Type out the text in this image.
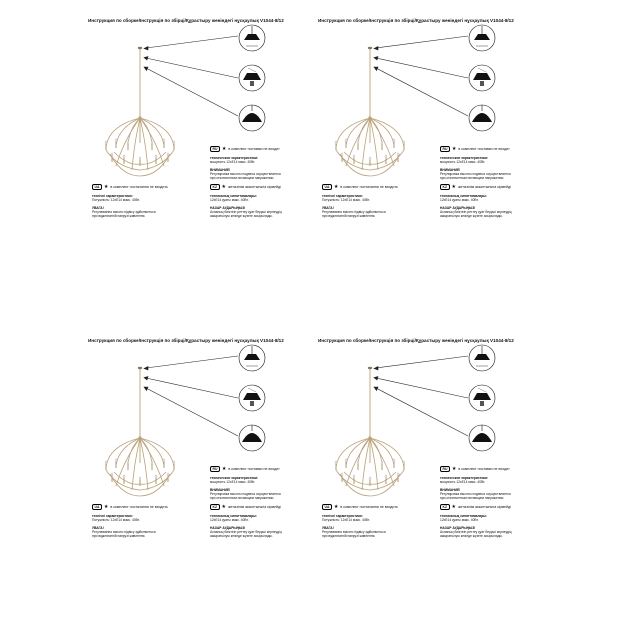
Инструкция по сборке/Інструкція по збірці/Құрастыру женіндегі нұсқаулық V1044-8/12
RU ★ в комплект поставки не входит
технические характеристики:
мощность 12хЕ14 макс. 40Вт.
ВНИМАНИЕ!
Регулировка высоты подвеса осуществляется
при отключенном питающем напряжении.
UA ★ в комплект постачання не входить
технічні характеристики:
Потужність: 12хЕ14 макс. 40Вт.
УВАГА!
Регулювання висоти підвісу здійснюється
при відключеній напрузі живлення.
KZ ★ жеткізілім жиынтығына кірмейді
техникалық сипаттамалары:
12хЕ14 қуаты макс. 40Вт.
НАЗАР АУДАРЫҢЫЗ!
Аспаның биіктігін реттеу қуат берушi кернеудің
ажыратылуы кезінде жүзеге асырылады.
Инструкция по сборке/Інструкція по збірці/Құрастыру женіндегі нұсқаулық V1044-8/12
RU ★ в комплект поставки не входит
технические характеристики:
мощность 12хЕ14 макс. 40Вт.
ВНИМАНИЕ!
Регулировка высоты подвеса осуществляется
при отключенном питающем напряжении.
UA ★ в комплект постачання не входить
технічні характеристики:
Потужність: 12хЕ14 макс. 40Вт.
УВАГА!
Регулювання висоти підвісу здійснюється
при відключеній напрузі живлення.
KZ ★ жеткізілім жиынтығына кірмейді
техникалық сипаттамалары:
12хЕ14 қуаты макс. 40Вт.
НАЗАР АУДАРЫҢЫЗ!
Аспаның биіктігін реттеу қуат берушi кернеудің
ажыратылуы кезінде жүзеге асырылады.
Инструкция по сборке/Інструкція по збірці/Құрастыру женіндегі нұсқаулық V1044-8/12
RU ★ в комплект поставки не входит
технические характеристики:
мощность 12хЕ14 макс. 40Вт.
ВНИМАНИЕ!
Регулировка высоты подвеса осуществляется
при отключенном питающем напряжении.
UA ★ в комплект постачання не входить
технічні характеристики:
Потужність: 12хЕ14 макс. 40Вт.
УВАГА!
Регулювання висоти підвісу здійснюється
при відключеній напрузі живлення.
KZ ★ жеткізілім жиынтығына кірмейді
техникалық сипаттамалары:
12хЕ14 қуаты макс. 40Вт.
НАЗАР АУДАРЫҢЫЗ!
Аспаның биіктігін реттеу қуат берушi кернеудің
ажыратылуы кезінде жүзеге асырылады.
Инструкция по сборке/Інструкція по збірці/Құрастыру женіндегі нұсқаулық V1044-8/12
RU ★ в комплект поставки не входит
технические характеристики:
мощность 12хЕ14 макс. 40Вт.
ВНИМАНИЕ!
Регулировка высоты подвеса осуществляется
при отключенном питающем напряжении.
UA ★ в комплект постачання не входить
технічні характеристики:
Потужність: 12хЕ14 макс. 40Вт.
УВАГА!
Регулювання висоти підвісу здійснюється
при відключеній напрузі живлення.
KZ ★ жеткізілім жиынтығына кірмейді
техникалық сипаттамалары:
12хЕ14 қуаты макс. 40Вт.
НАЗАР АУДАРЫҢЫЗ!
Аспаның биіктігін реттеу қуат берушi кернеудің
ажыратылуы кезінде жүзеге асырылады.
